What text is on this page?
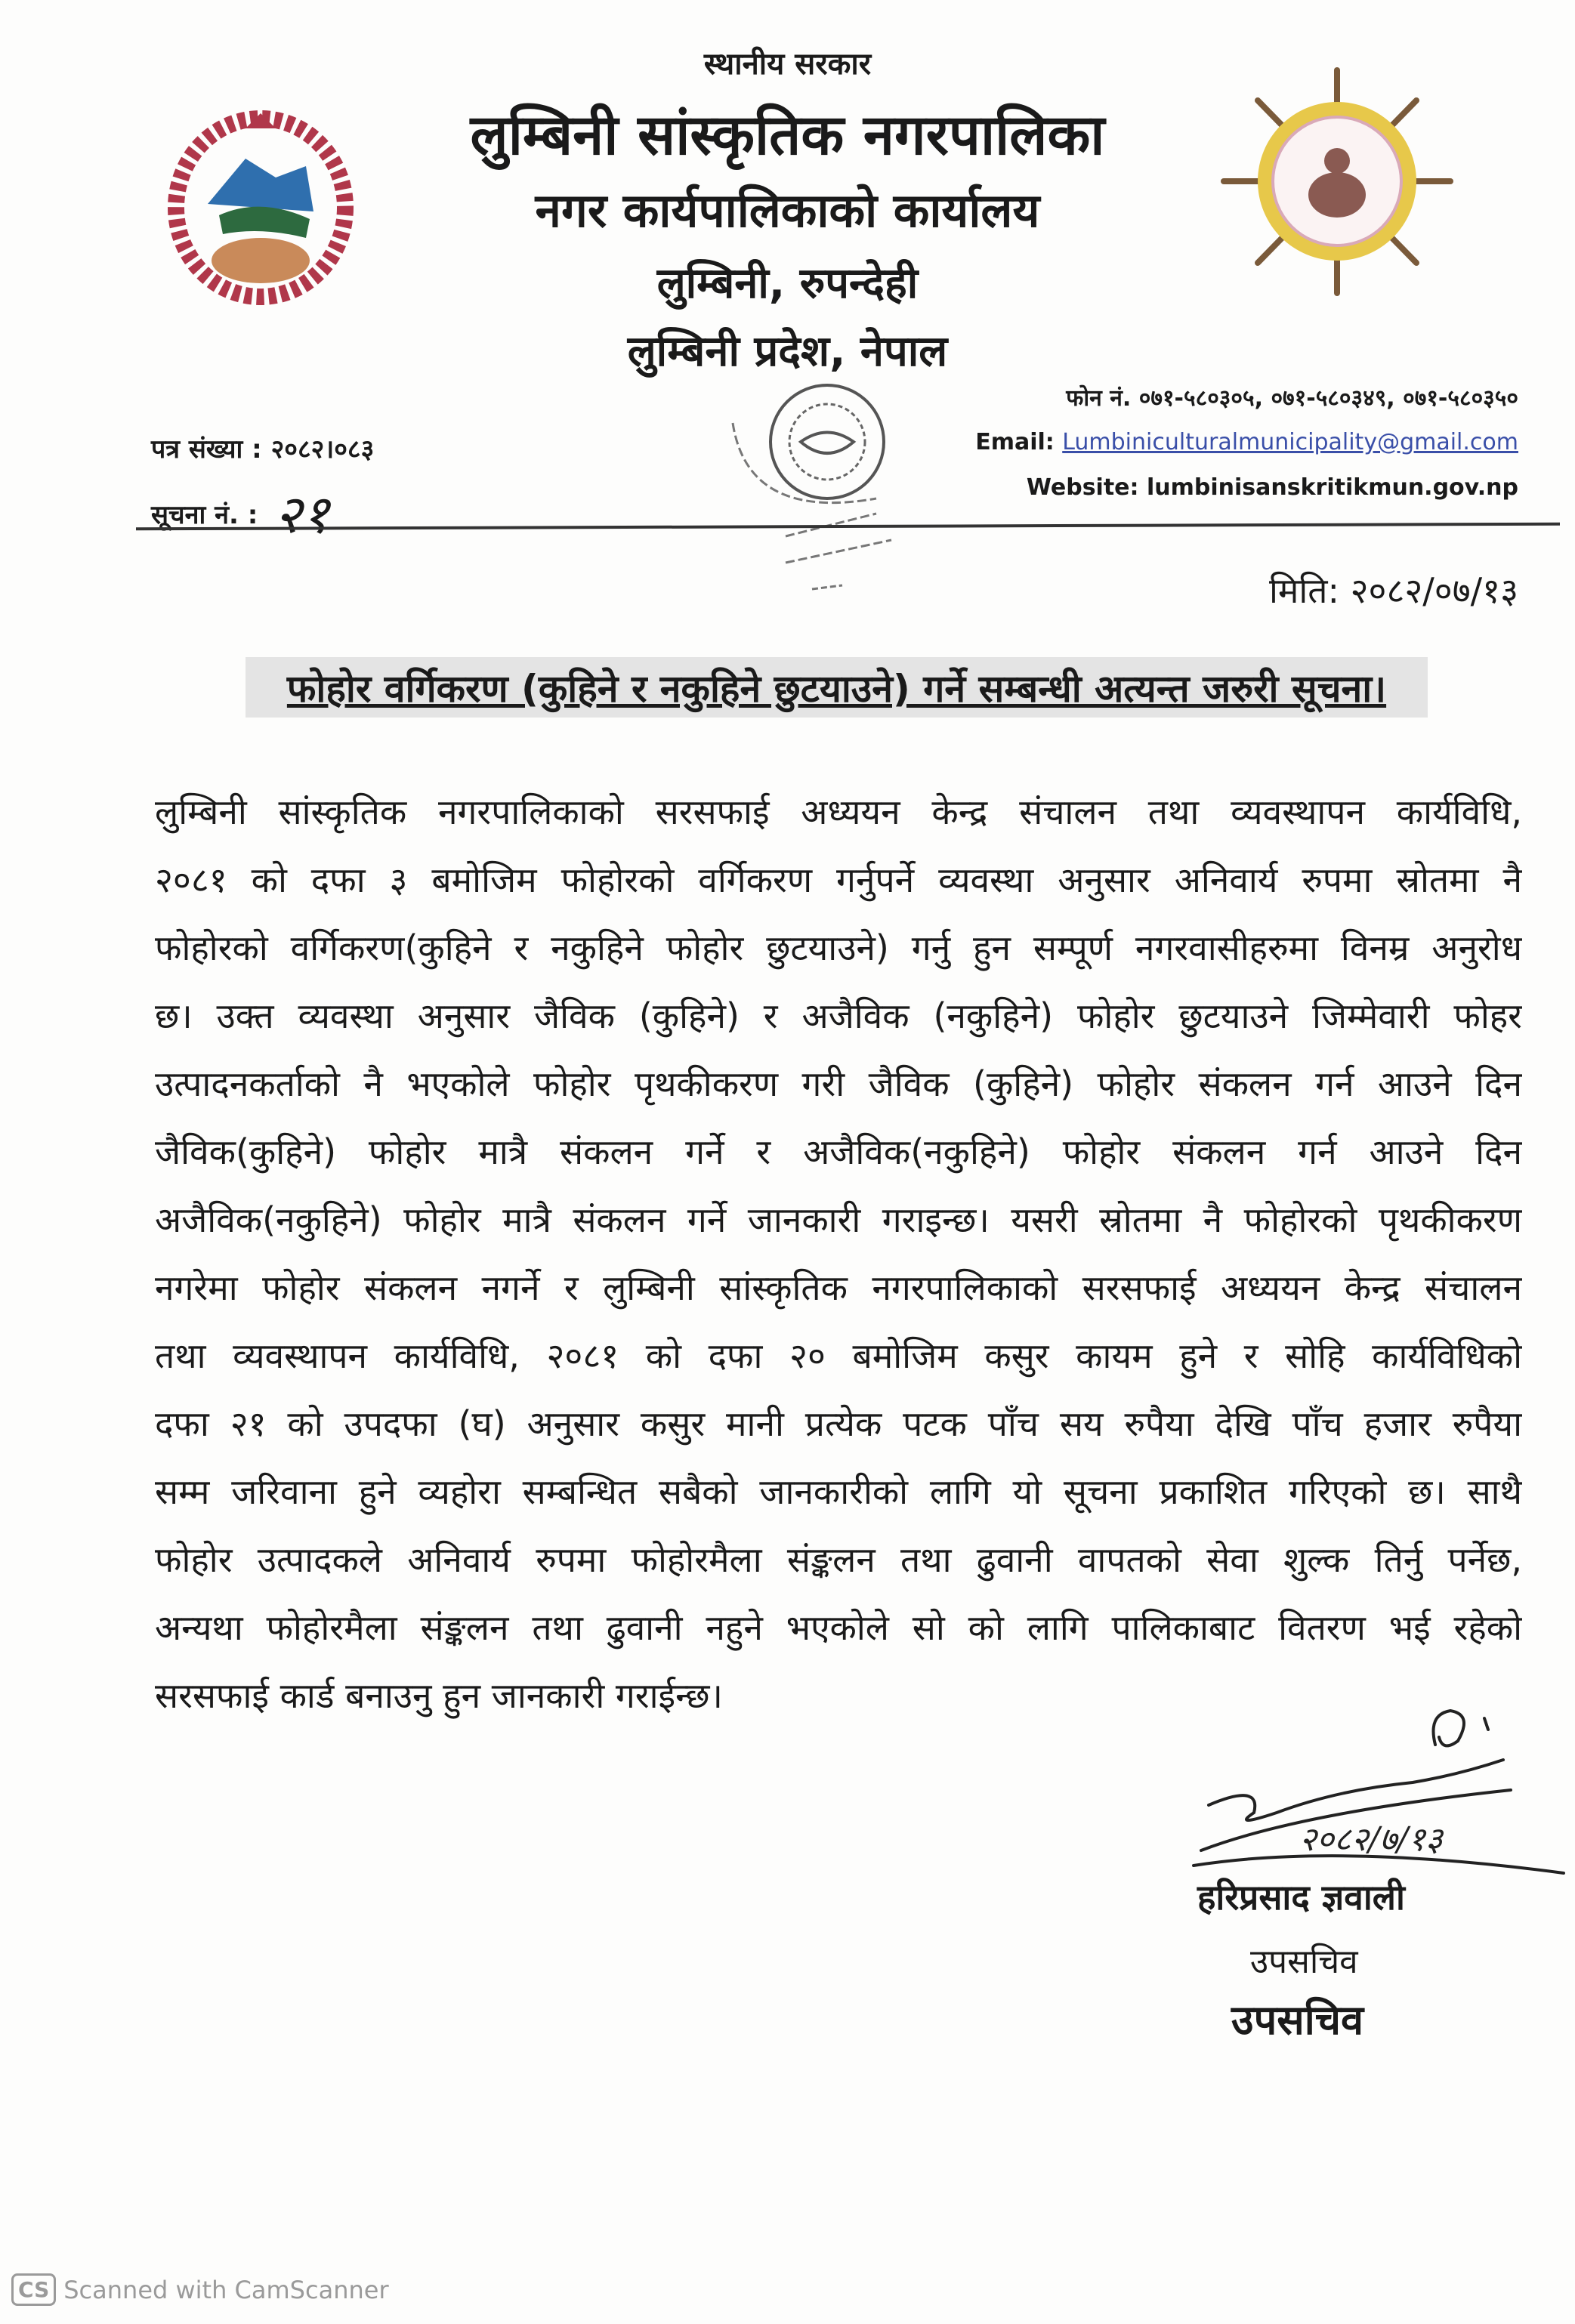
स्थानीय सरकार
लुम्बिनी सांस्कृतिक नगरपालिका
नगर कार्यपालिकाको कार्यालय
लुम्बिनी, रुपन्देही
लुम्बिनी प्रदेश, नेपाल
फोन नं. ०७१-५८०३०५, ०७१-५८०३४९, ०७१-५८०३५०
Email: Lumbiniculturalmunicipality@gmail.com
Website: lumbinisanskritikmun.gov.np
पत्र संख्या : २०८२।०८३
सूचना नं. : २१
मिति: २०८२/०७/१३
फोहोर वर्गिकरण (कुहिने र नकुहिने छुटयाउने) गर्ने सम्बन्धी अत्यन्त जरुरी सूचना।
लुम्बिनी सांस्कृतिक नगरपालिकाको सरसफाई अध्ययन केन्द्र संचालन तथा व्यवस्थापन कार्यविधि,
२०८१ को दफा ३ बमोजिम फोहोरको वर्गिकरण गर्नुपर्ने व्यवस्था अनुसार अनिवार्य रुपमा स्रोतमा नै
फोहोरको वर्गिकरण(कुहिने र नकुहिने फोहोर छुटयाउने) गर्नु हुन सम्पूर्ण नगरवासीहरुमा विनम्र अनुरोध
छ। उक्त व्यवस्था अनुसार जैविक (कुहिने) र अजैविक (नकुहिने) फोहोर छुटयाउने जिम्मेवारी फोहर
उत्पादनकर्ताको नै भएकोले फोहोर पृथकीकरण गरी जैविक (कुहिने) फोहोर संकलन गर्न आउने दिन
जैविक(कुहिने) फोहोर मात्रै संकलन गर्ने र अजैविक(नकुहिने) फोहोर संकलन गर्न आउने दिन
अजैविक(नकुहिने) फोहोर मात्रै संकलन गर्ने जानकारी गराइन्छ। यसरी स्रोतमा नै फोहोरको पृथकीकरण
नगरेमा फोहोर संकलन नगर्ने र लुम्बिनी सांस्कृतिक नगरपालिकाको सरसफाई अध्ययन केन्द्र संचालन
तथा व्यवस्थापन कार्यविधि, २०८१ को दफा २० बमोजिम कसुर कायम हुने र सोहि कार्यविधिको
दफा २१ को उपदफा (घ) अनुसार कसुर मानी प्रत्येक पटक पाँच सय रुपैया देखि पाँच हजार रुपैया
सम्म जरिवाना हुने व्यहोरा सम्बन्धित सबैको जानकारीको लागि यो सूचना प्रकाशित गरिएको छ। साथै
फोहोर उत्पादकले अनिवार्य रुपमा फोहोरमैला संङ्कलन तथा ढुवानी वापतको सेवा शुल्क तिर्नु पर्नेछ,
अन्यथा फोहोरमैला संङ्कलन तथा ढुवानी नहुने भएकोले सो को लागि पालिकाबाट वितरण भई रहेको
सरसफाई कार्ड बनाउनु हुन जानकारी गराईन्छ।
२०८२/७/१३
हरिप्रसाद ज्ञवाली
उपसचिव
उपसचिव
CS Scanned with CamScanner
